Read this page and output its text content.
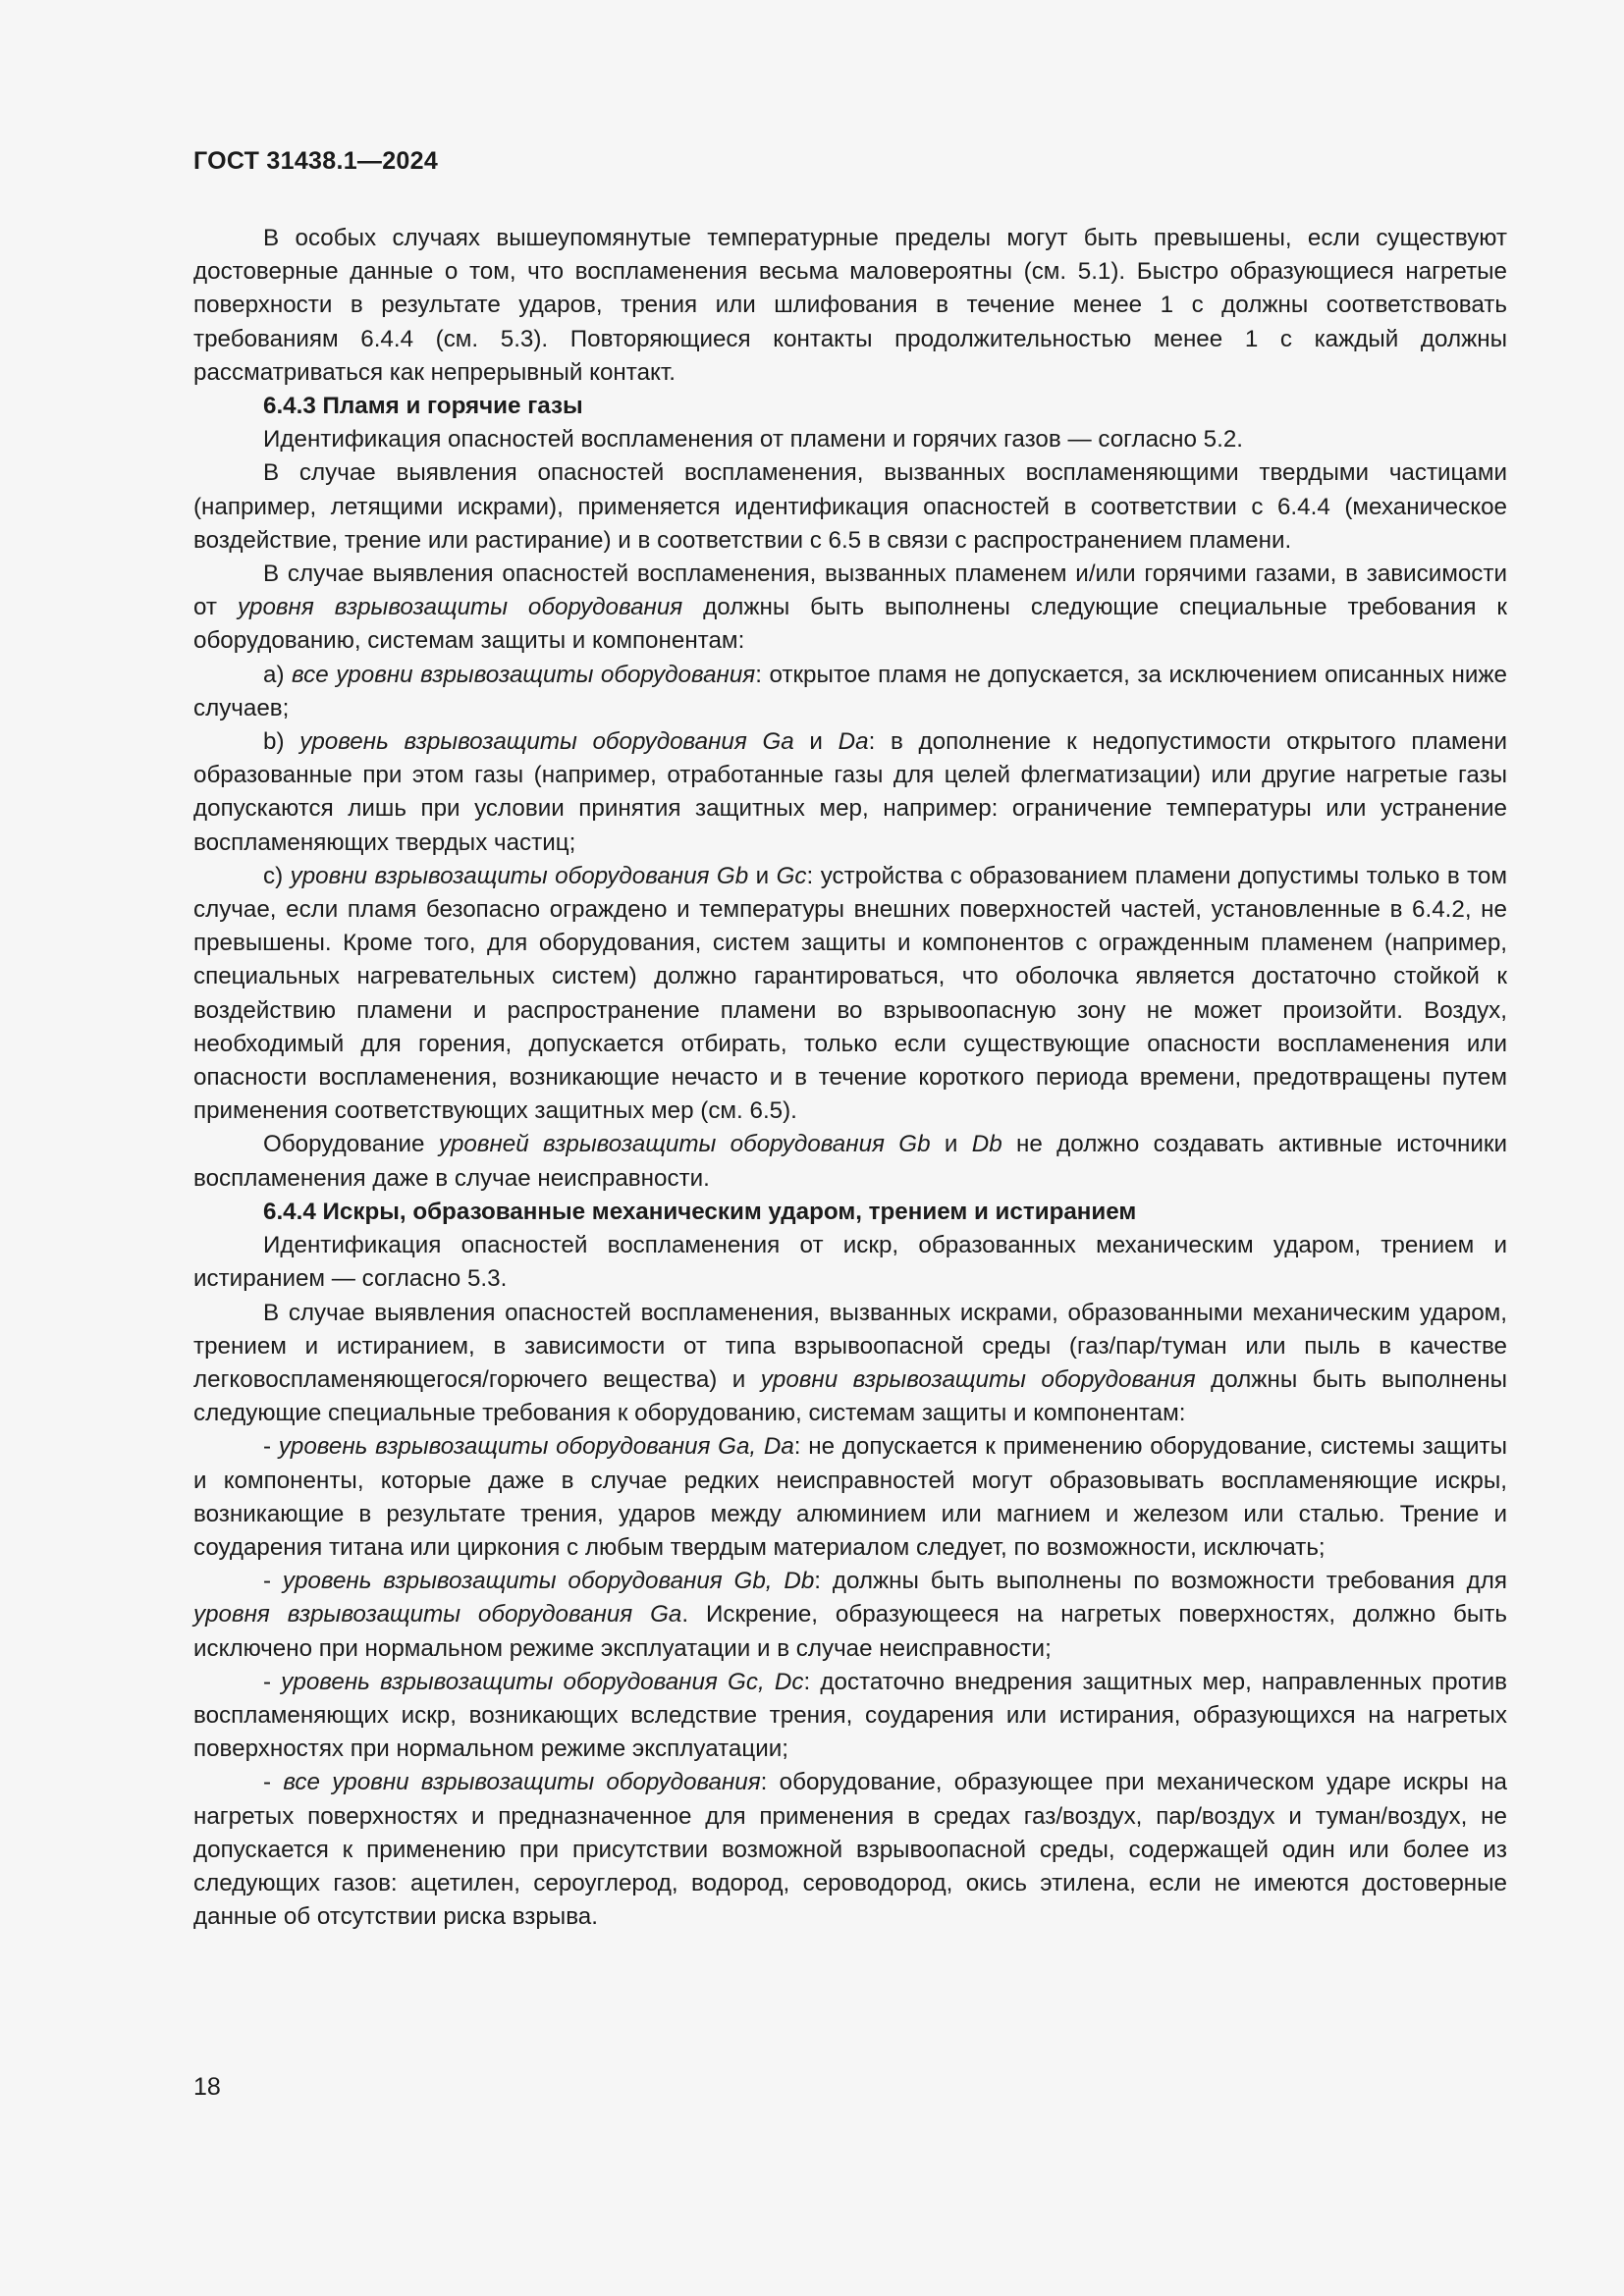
ГОСТ 31438.1—2024

В особых случаях вышеупомянутые температурные пределы могут быть превышены, если существуют достоверные данные о том, что воспламенения весьма маловероятны (см. 5.1). Быстро образующиеся нагретые поверхности в результате ударов, трения или шлифования в течение менее 1 с должны соответствовать требованиям 6.4.4 (см. 5.3). Повторяющиеся контакты продолжительностью менее 1 с каждый должны рассматриваться как непрерывный контакт.

6.4.3 Пламя и горячие газы

Идентификация опасностей воспламенения от пламени и горячих газов — согласно 5.2.

В случае выявления опасностей воспламенения, вызванных воспламеняющими твердыми частицами (например, летящими искрами), применяется идентификация опасностей в соответствии с 6.4.4 (механическое воздействие, трение или растирание) и в соответствии с 6.5 в связи с распространением пламени.

В случае выявления опасностей воспламенения, вызванных пламенем и/или горячими газами, в зависимости от уровня взрывозащиты оборудования должны быть выполнены следующие специальные требования к оборудованию, системам защиты и компонентам:

a) все уровни взрывозащиты оборудования: открытое пламя не допускается, за исключением описанных ниже случаев;

b) уровень взрывозащиты оборудования Ga и Da: в дополнение к недопустимости открытого пламени образованные при этом газы (например, отработанные газы для целей флегматизации) или другие нагретые газы допускаются лишь при условии принятия защитных мер, например: ограничение температуры или устранение воспламеняющих твердых частиц;

c) уровни взрывозащиты оборудования Gb и Gc: устройства с образованием пламени допустимы только в том случае, если пламя безопасно ограждено и температуры внешних поверхностей частей, установленные в 6.4.2, не превышены. Кроме того, для оборудования, систем защиты и компонентов с огражденным пламенем (например, специальных нагревательных систем) должно гарантироваться, что оболочка является достаточно стойкой к воздействию пламени и распространение пламени во взрывоопасную зону не может произойти. Воздух, необходимый для горения, допускается отбирать, только если существующие опасности воспламенения или опасности воспламенения, возникающие нечасто и в течение короткого периода времени, предотвращены путем применения соответствующих защитных мер (см. 6.5).

Оборудование уровней взрывозащиты оборудования Gb и Db не должно создавать активные источники воспламенения даже в случае неисправности.

6.4.4 Искры, образованные механическим ударом, трением и истиранием

Идентификация опасностей воспламенения от искр, образованных механическим ударом, трением и истиранием — согласно 5.3.

В случае выявления опасностей воспламенения, вызванных искрами, образованными механическим ударом, трением и истиранием, в зависимости от типа взрывоопасной среды (газ/пар/туман или пыль в качестве легковоспламеняющегося/горючего вещества) и уровни взрывозащиты оборудования должны быть выполнены следующие специальные требования к оборудованию, системам защиты и компонентам:

- уровень взрывозащиты оборудования Ga, Da: не допускается к применению оборудование, системы защиты и компоненты, которые даже в случае редких неисправностей могут образовывать воспламеняющие искры, возникающие в результате трения, ударов между алюминием или магнием и железом или сталью. Трение и соударения титана или циркония с любым твердым материалом следует, по возможности, исключать;

- уровень взрывозащиты оборудования Gb, Db: должны быть выполнены по возможности требования для уровня взрывозащиты оборудования Ga. Искрение, образующееся на нагретых поверхностях, должно быть исключено при нормальном режиме эксплуатации и в случае неисправности;

- уровень взрывозащиты оборудования Gc, Dc: достаточно внедрения защитных мер, направленных против воспламеняющих искр, возникающих вследствие трения, соударения или истирания, образующихся на нагретых поверхностях при нормальном режиме эксплуатации;

- все уровни взрывозащиты оборудования: оборудование, образующее при механическом ударе искры на нагретых поверхностях и предназначенное для применения в средах газ/воздух, пар/воздух и туман/воздух, не допускается к применению при присутствии возможной взрывоопасной среды, содержащей один или более из следующих газов: ацетилен, сероуглерод, водород, сероводород, окись этилена, если не имеются достоверные данные об отсутствии риска взрыва.

18
